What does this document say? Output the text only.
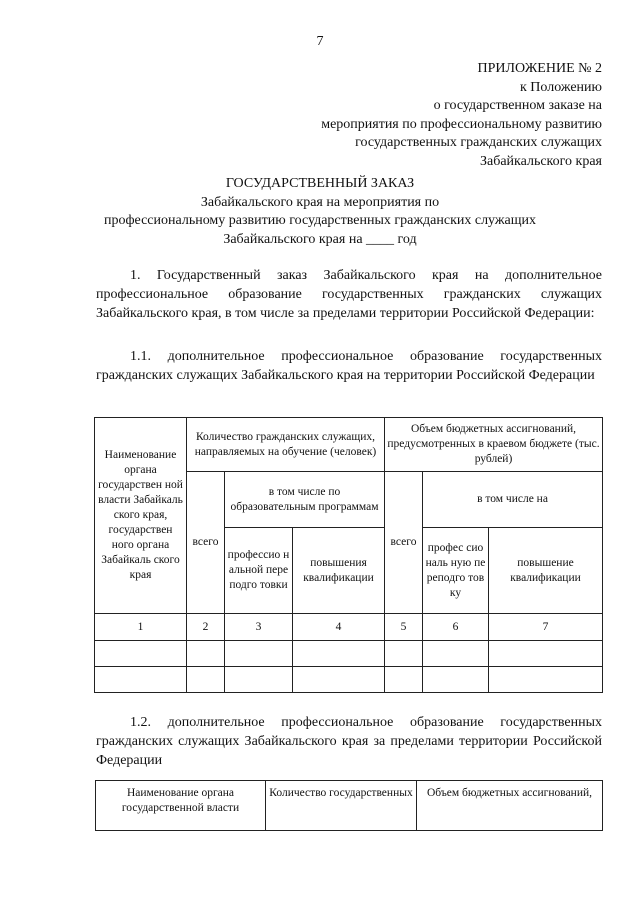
7
ПРИЛОЖЕНИЕ № 2
к Положению
о государственном заказе на
мероприятия по профессиональному развитию
государственных гражданских служащих
Забайкальского края
ГОСУДАРСТВЕННЫЙ ЗАКАЗ
Забайкальского края на мероприятия по
профессиональному развитию государственных гражданских служащих
Забайкальского края на ____ год

1. Государственный заказ Забайкальского края на дополнительное профессиональное образование государственных гражданских служащих Забайкальского края, в том числе за пределами территории Российской Федерации:

1.1. дополнительное профессиональное образование государственных гражданских служащих Забайкальского края на территории Российской Федерации

Наименование органа государствен ной власти Забайкаль ского края, государствен ного органа Забайкаль ского края	Количество гражданских служащих, направляемых на обучение (человек)			Объем бюджетных ассигнований, предусмотренных в краевом бюджете (тыс. рублей)		
	всего	в том числе по образовательным программам		всего	в том числе на	
		профессио нальной переподго товки	повышения квалификации		профес сиональ ную переподго товку	повышение квалификации
1	2	3	4	5	6	7

1.2. дополнительное профессиональное образование государственных гражданских служащих Забайкальского края за пределами территории Российской Федерации

Наименование органа государственной власти	Количество государственных	Объем бюджетных ассигнований,
